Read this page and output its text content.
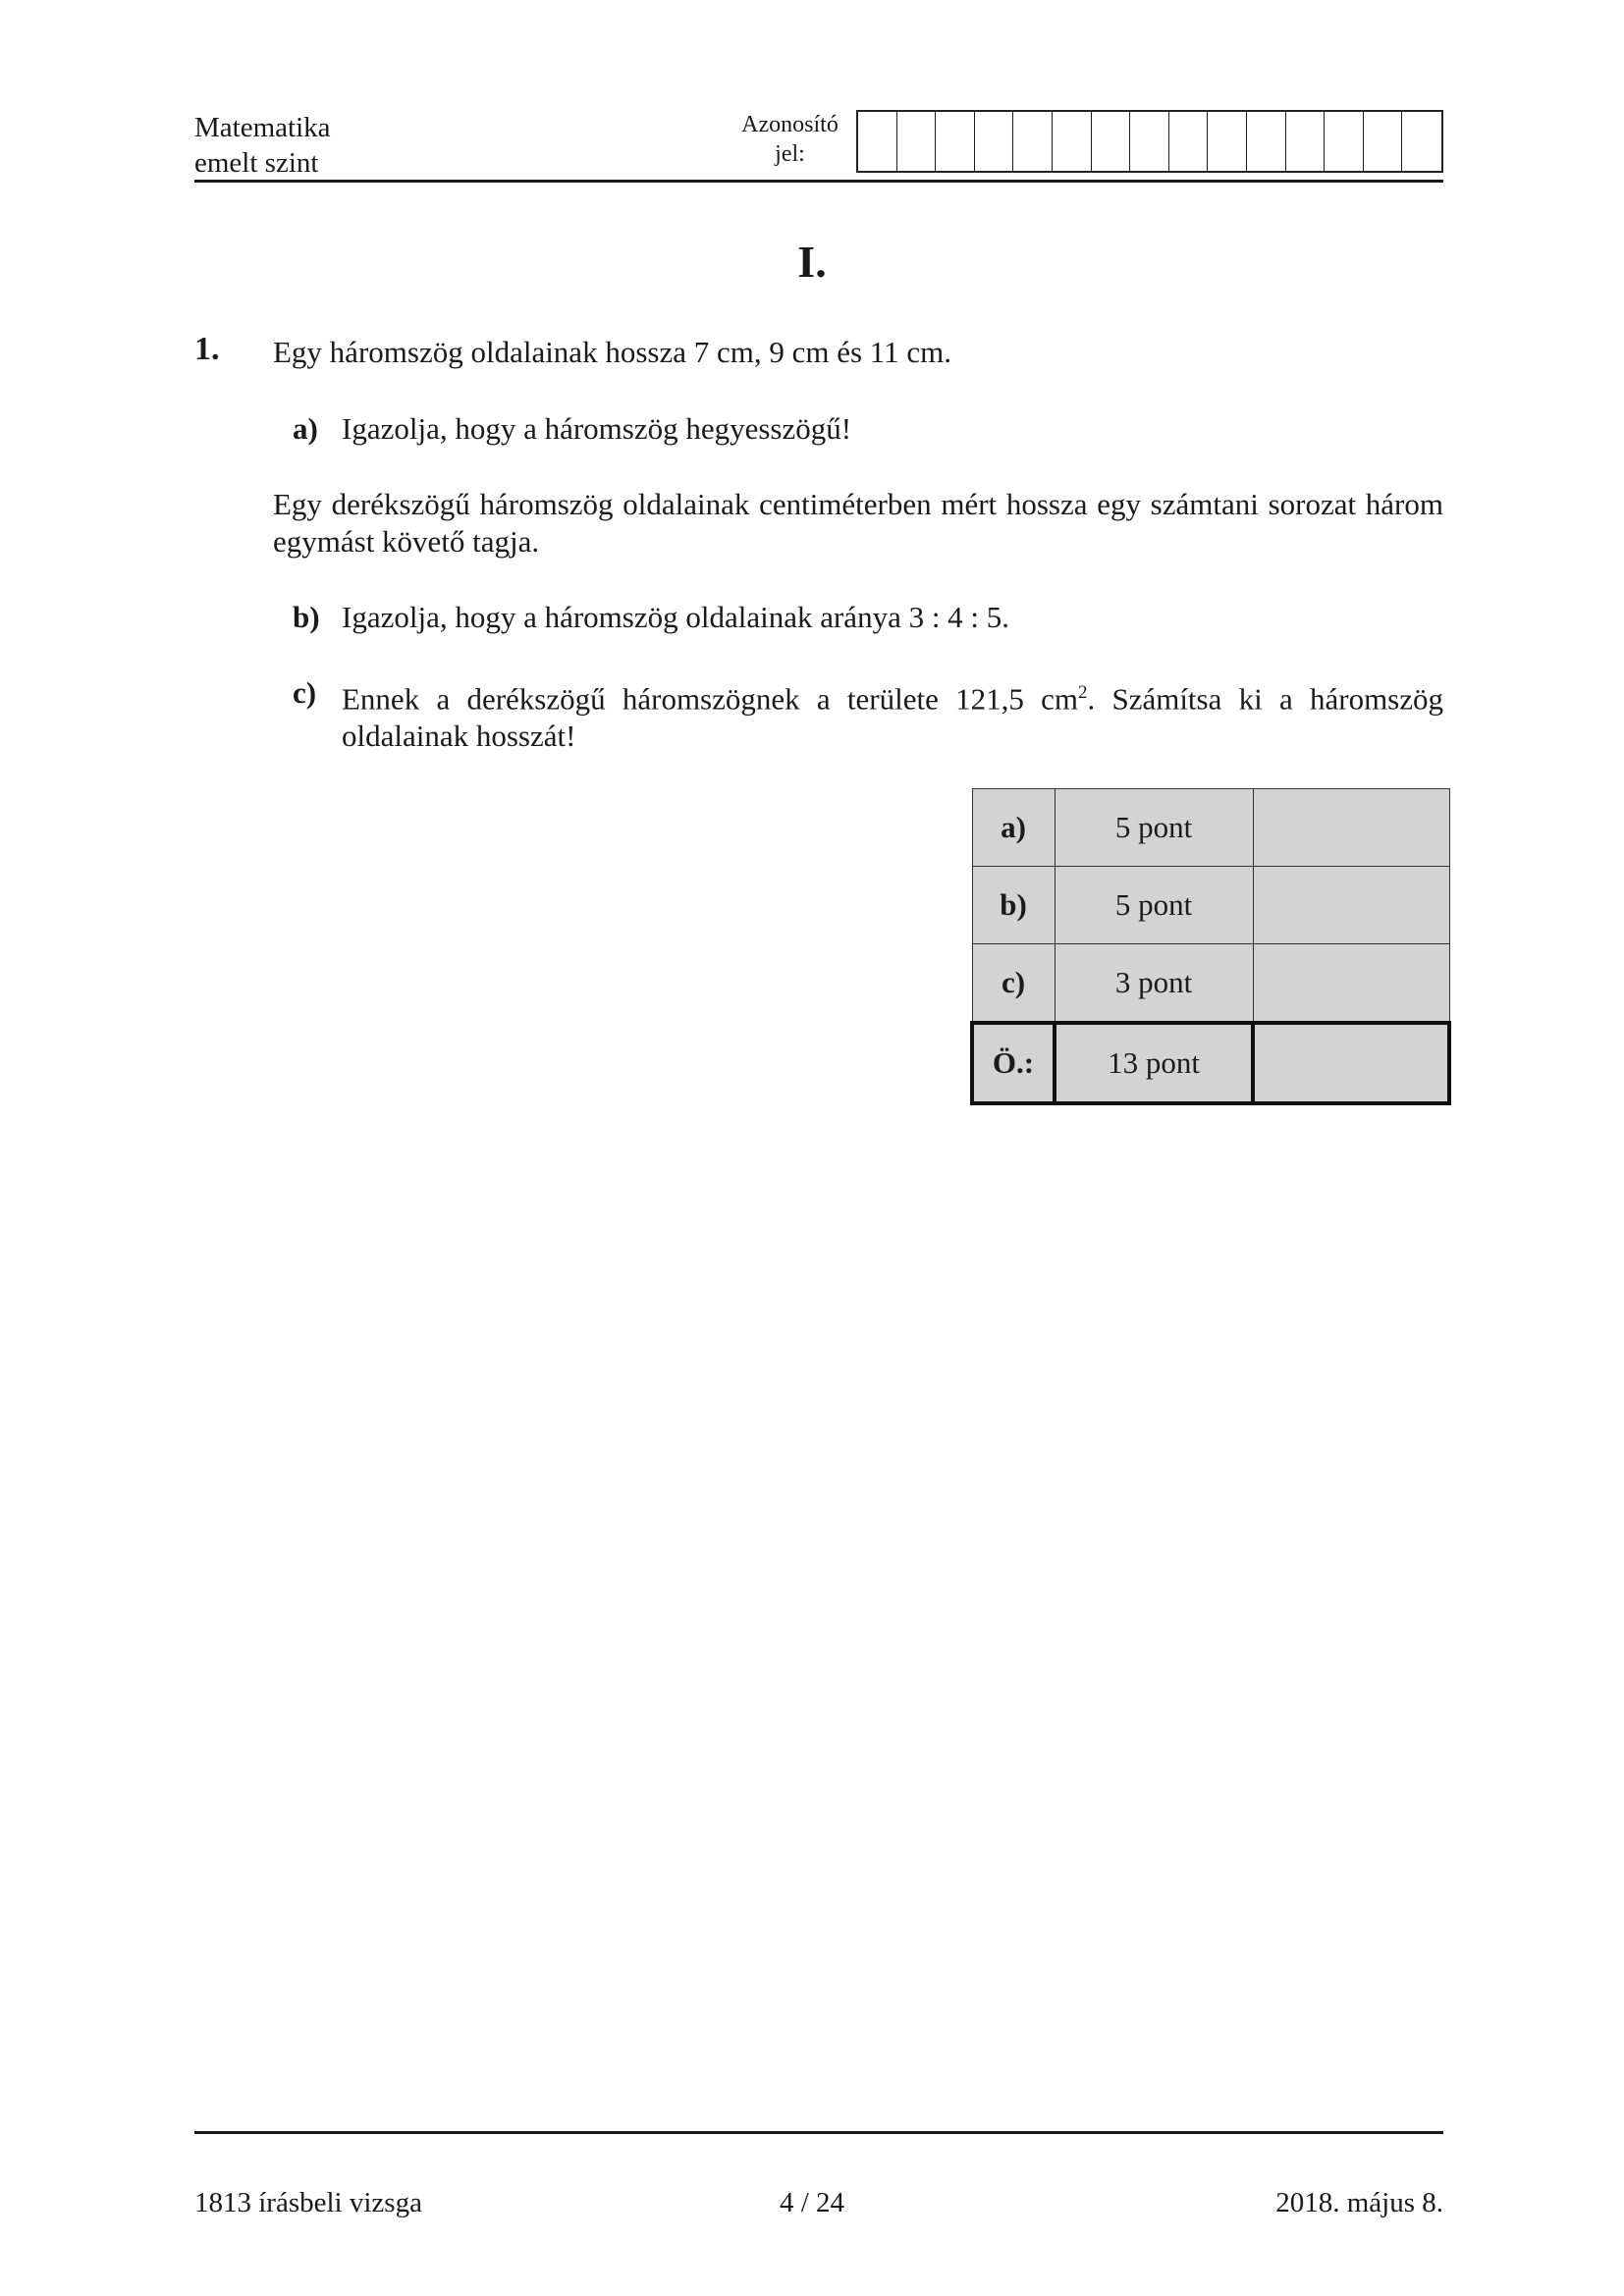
Matematika
emelt szint
Azonosító
jel:
I.
1. Egy háromszög oldalainak hossza 7 cm, 9 cm és 11 cm.
a) Igazolja, hogy a háromszög hegyesszögű!
Egy derékszögű háromszög oldalainak centiméterben mért hossza egy számtani sorozat három egymást követő tagja.
b) Igazolja, hogy a háromszög oldalainak aránya 3 : 4 : 5.
c) Ennek a derékszögű háromszögnek a területe 121,5 $cm^2$. Számítsa ki a háromszög oldalainak hosszát!
a)	5 pont	
b)	5 pont	
c)	3 pont	
Ö.:	13 pont	
1813 írásbeli vizsga	4 / 24	2018. május 8.
